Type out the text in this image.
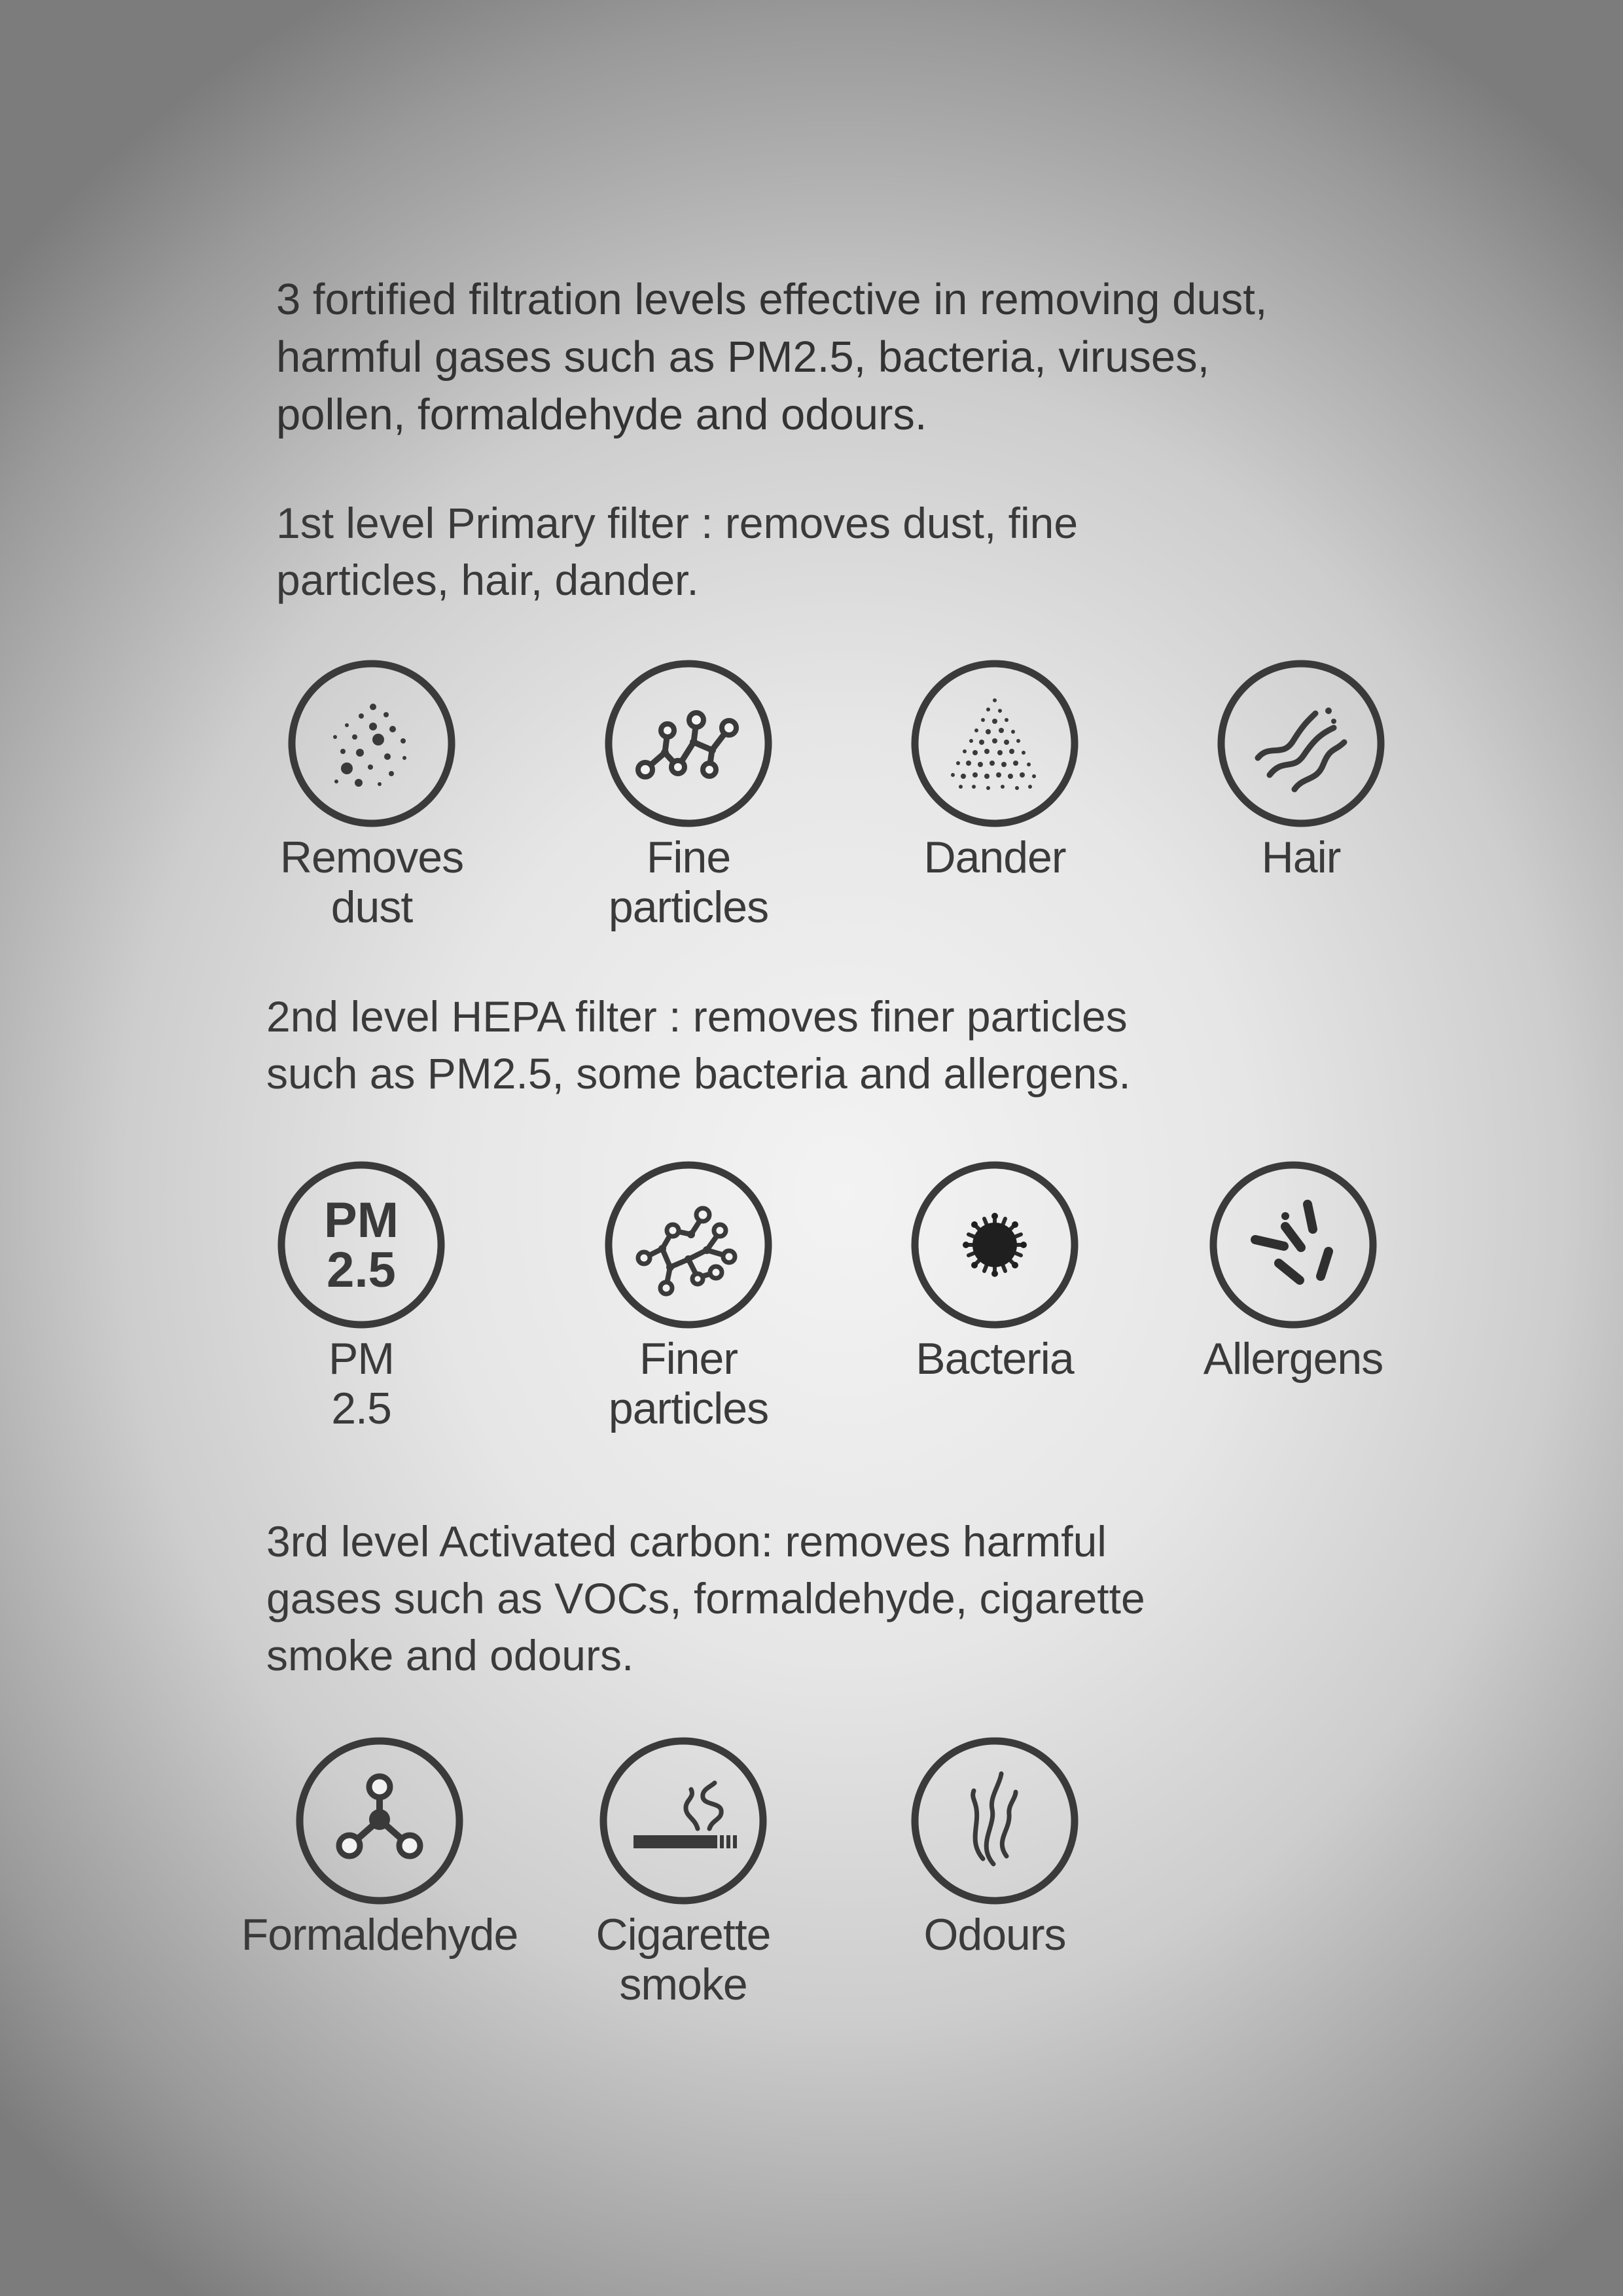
3 fortified filtration levels effective in removing dust,
harmful gases such as PM2.5, bacteria, viruses,
pollen, formaldehyde and odours.

1st level Primary filter : removes dust, fine
particles, hair, dander.
Removes
dust
Fine
particles
Dander	Hair
2nd level HEPA filter : removes finer particles
such as PM2.5, some bacteria and allergens.
PM
2.5
PM
2.5
Finer
particles
Bacteria	Allergens
3rd level Activated carbon: removes harmful
gases such as VOCs, formaldehyde, cigarette
smoke and odours.
Formaldehyde	Cigarette
smoke
Odours
